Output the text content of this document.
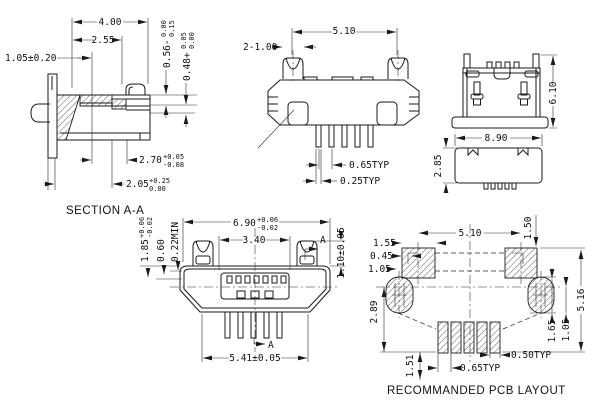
4.00
2.55
1.05±0.20	0.56-
0.00 0.15
0.48+
0.05 0.00
2.70 +0.05
-0.08
2.05 +0.25
0.00
5.10
2-1.00
0.65TYP
0.25TYP
6.10
8.90
2.85
SECTION A-A
6.90 +0.06
-0.02
3.40	A 1.10±0.05
1.85
+0.06 -0.02
0.60 0.22MIN
A
5.41±0.05
5.10	1.50
1.55
0.45
1.05
2.89
1.51	0.65TYP
0.50TYP
1.65 1.05
5.16
RECOMMANDED PCB LAYOUT
